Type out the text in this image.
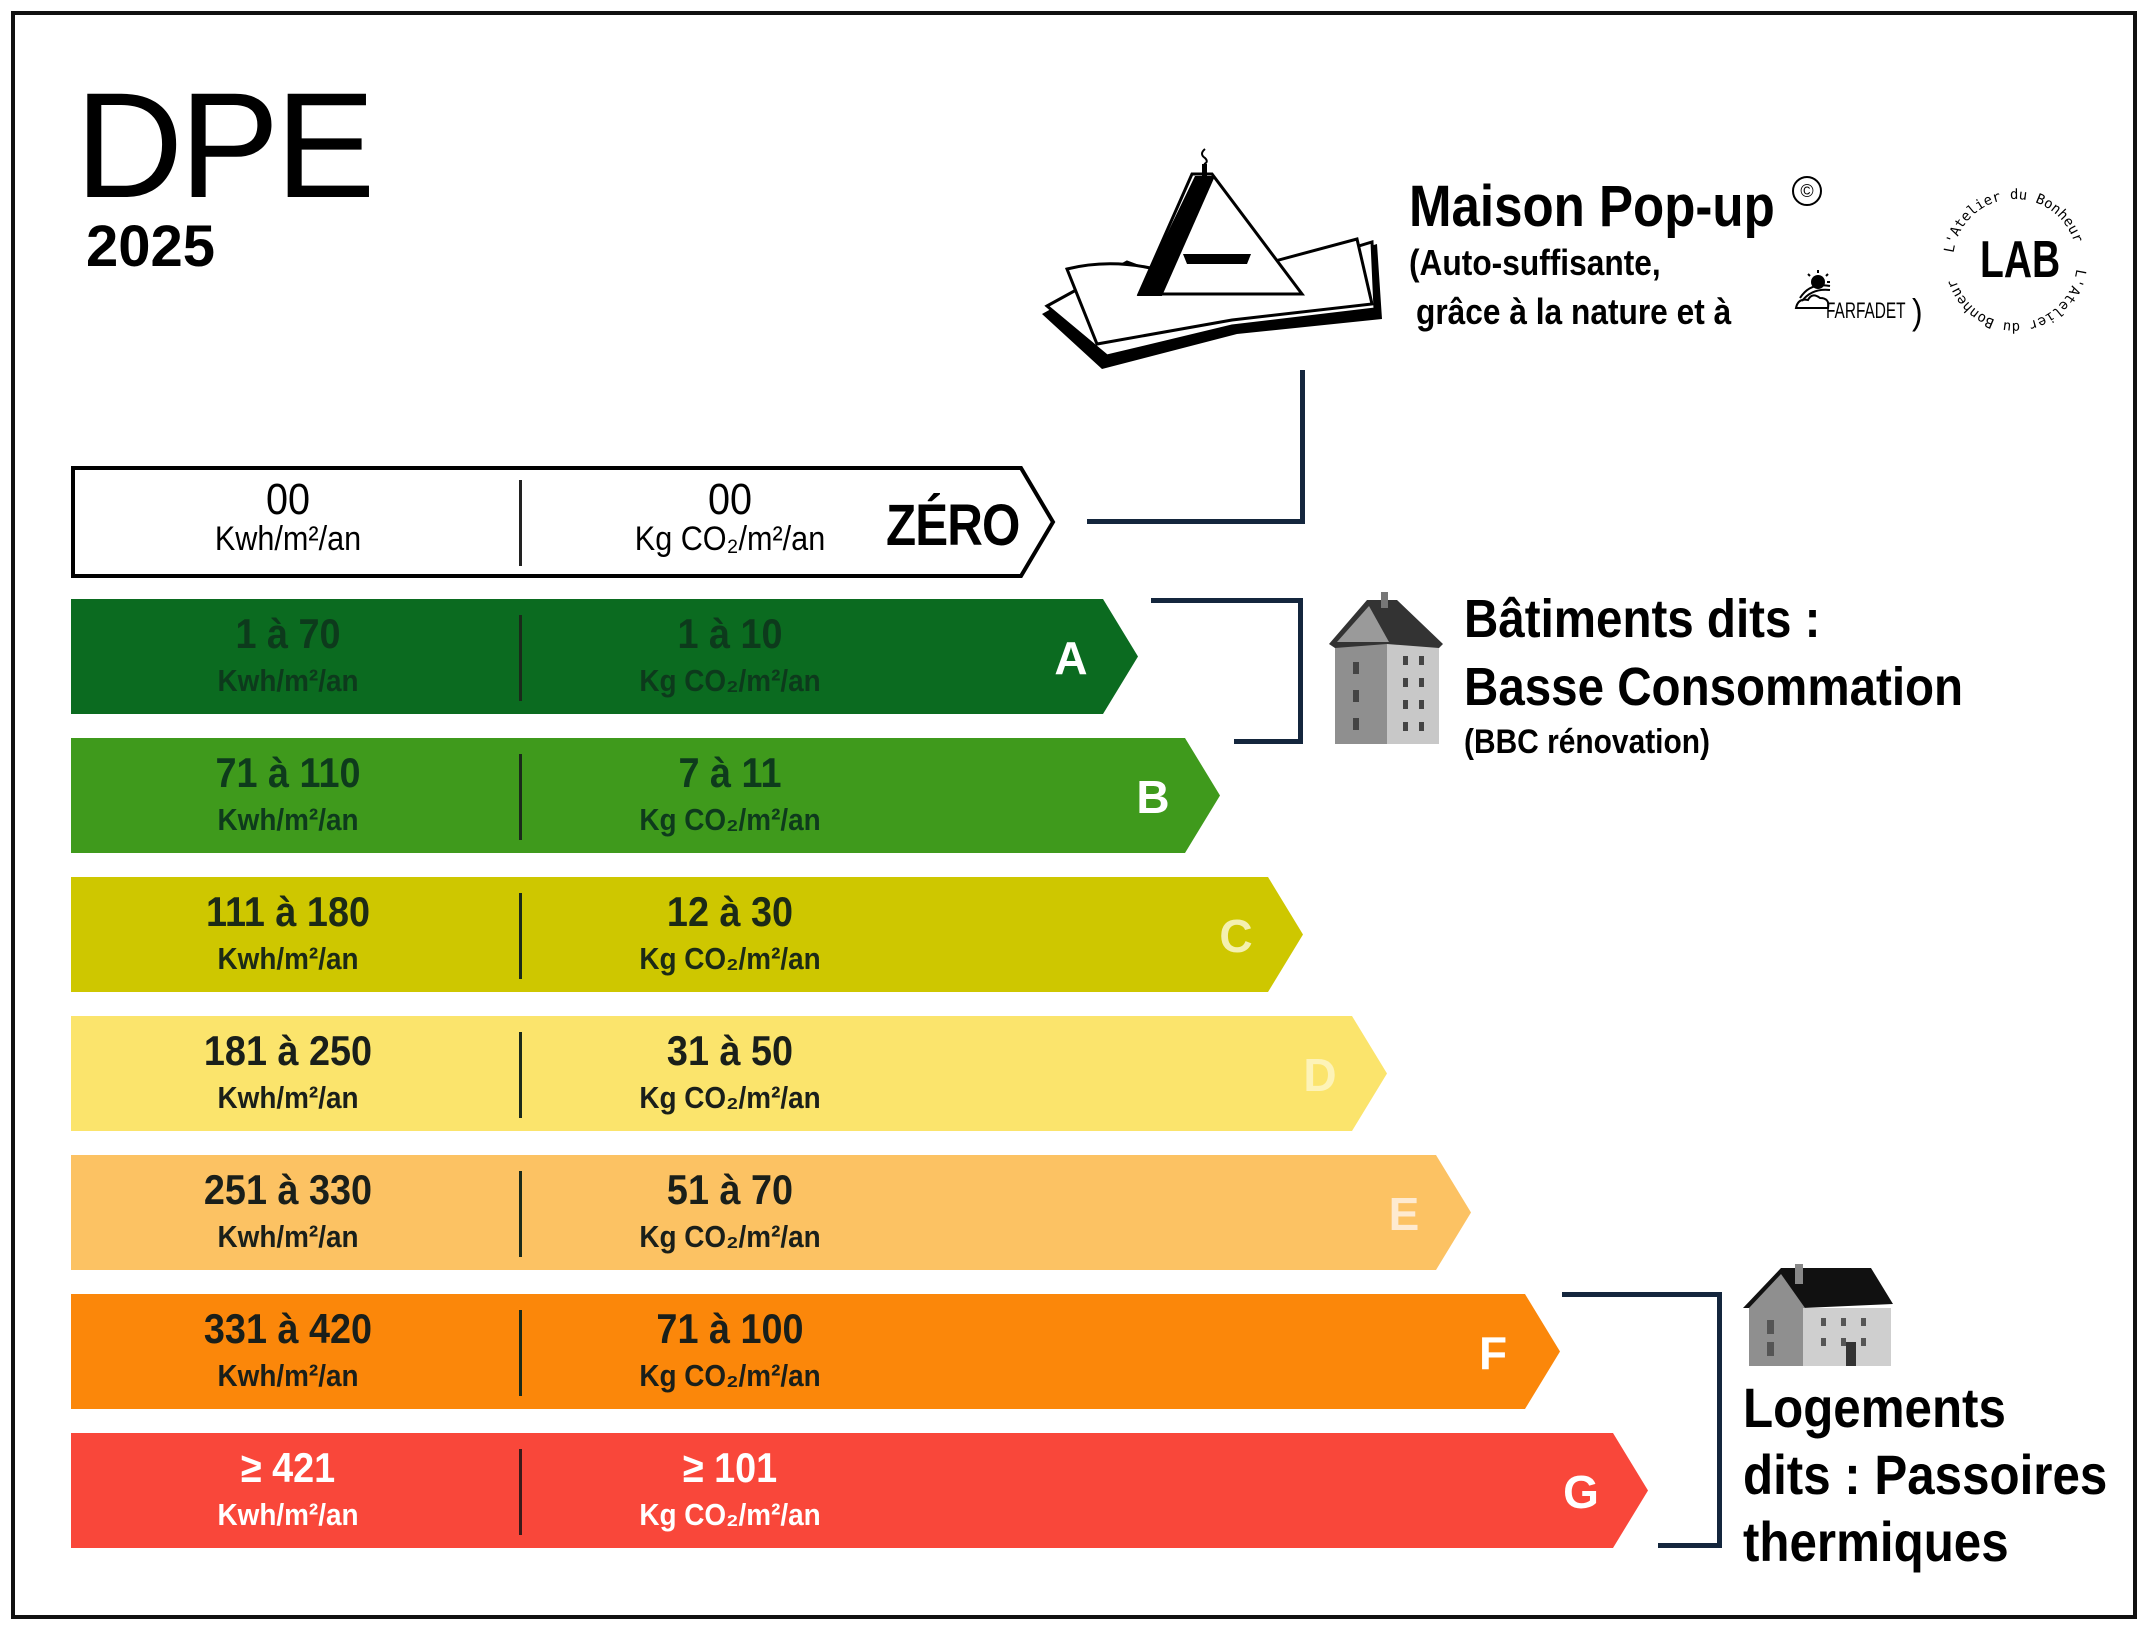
DPE
2025
Maison Pop-up	©
(Auto-suffisante,
grâce à la nature et à	FARFADET )
L'Atelier du Bonheur
L'Atelier du Bonheur LAB
00
Kwh/m²/an
00
Kg CO₂/m²/an	ZÉRO
1 à 70
Kwh/m²/an
1 à 10
Kg CO₂/m²/an	A
71 à 110
Kwh/m²/an
7 à 11
Kg CO₂/m²/an	B
111 à 180
Kwh/m²/an
12 à 30
Kg CO₂/m²/an	C
181 à 250
Kwh/m²/an
31 à 50
Kg CO₂/m²/an	D
251 à 330
Kwh/m²/an
51 à 70
Kg CO₂/m²/an	E
331 à 420
Kwh/m²/an
71 à 100
Kg CO₂/m²/an	F
≥ 421
Kwh/m²/an
≥ 101
Kg CO₂/m²/an	G
Bâtiments dits :
Basse Consommation
(BBC rénovation)
Logements
dits : Passoires
thermiques
